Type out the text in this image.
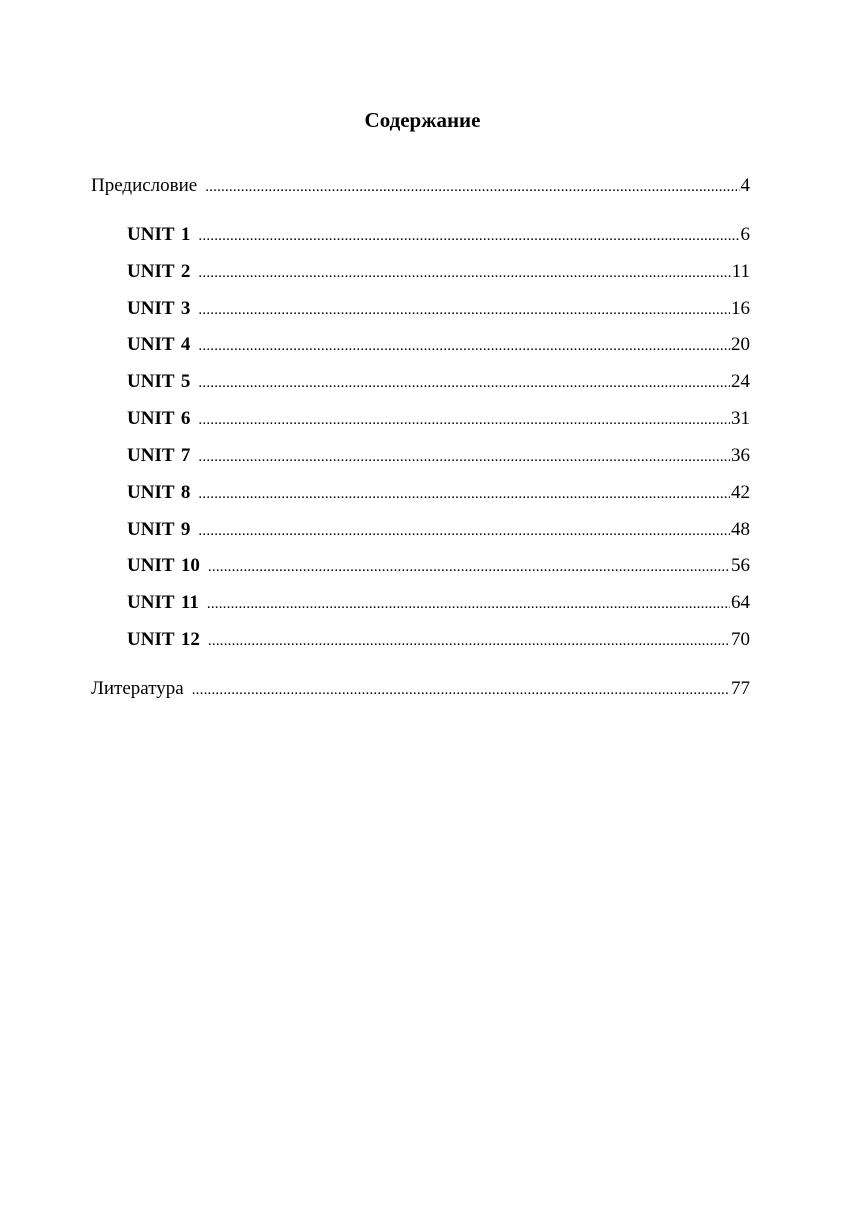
Содержание
Предисловие .....	4
UNIT 1 .....	6
UNIT 2 .....	11
UNIT 3 .....	16
UNIT 4 .....	20
UNIT 5 .....	24
UNIT 6 .....	31
UNIT 7 .....	36
UNIT 8 .....	42
UNIT 9 .....	48
UNIT 10 .....	56
UNIT 11 .....	64
UNIT 12 .....	70
Литература .....	77
